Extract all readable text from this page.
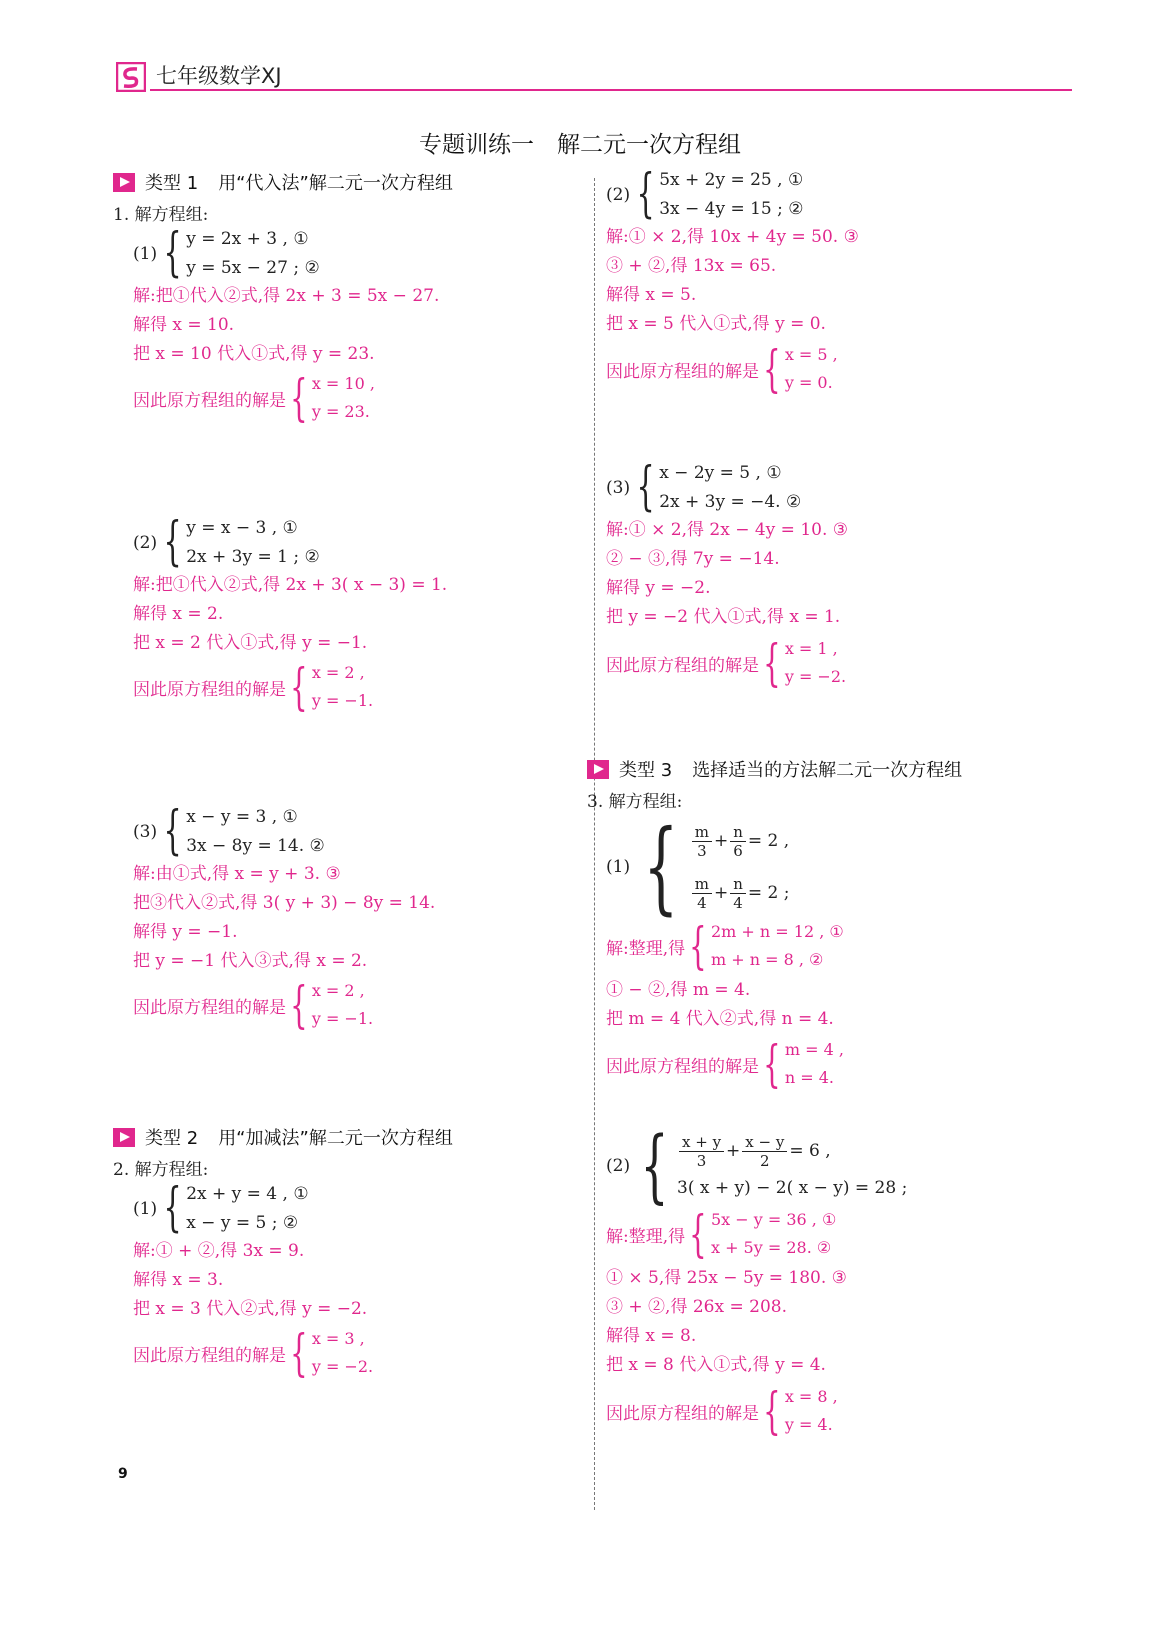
七年级数学XJ
专题训练一　解二元一次方程组
类型 1 用“代入法”解二元一次方程组
1. 解方程组:
(1) { y = 2x + 3 , ①
y = 5x − 27 ; ②
解:把①代入②式,得 2x + 3 = 5x − 27.
解得 x = 10.
把 x = 10 代入①式,得 y = 23.
因此原方程组的解是 { x = 10 ,
y = 23.
(2) { y = x − 3 , ①
2x + 3y = 1 ; ②
解:把①代入②式,得 2x + 3( x − 3) = 1.
解得 x = 2.
把 x = 2 代入①式,得 y = −1.
因此原方程组的解是 { x = 2 ,
y = −1.
(3) { x − y = 3 , ①
3x − 8y = 14. ②
解:由①式,得 x = y + 3. ③
把③代入②式,得 3( y + 3) − 8y = 14.
解得 y = −1.
把 y = −1 代入③式,得 x = 2.
因此原方程组的解是 { x = 2 ,
y = −1.
类型 2 用“加减法”解二元一次方程组
2. 解方程组:
(1) { 2x + y = 4 , ①
x − y = 5 ; ②
解:① + ②,得 3x = 9.
解得 x = 3.
把 x = 3 代入②式,得 y = −2.
因此原方程组的解是 { x = 3 ,
y = −2.
(2) { 5x + 2y = 25 , ①
3x − 4y = 15 ; ②
解:① × 2,得 10x + 4y = 50. ③
③ + ②,得 13x = 65.
解得 x = 5.
把 x = 5 代入①式,得 y = 0.
因此原方程组的解是 { x = 5 ,
y = 0.
(3) { x − 2y = 5 , ①
2x + 3y = −4. ②
解:① × 2,得 2x − 4y = 10. ③
② − ③,得 7y = −14.
解得 y = −2.
把 y = −2 代入①式,得 x = 1.
因此原方程组的解是 { x = 1 ,
y = −2.
类型 3 选择适当的方法解二元一次方程组
3. 解方程组:
(1) { $\frac{m}{3} + \frac{n}{6} = 2$ ,
$\frac{m}{4} + \frac{n}{4} = 2$ ;
解:整理,得 { 2m + n = 12 , ①
m + n = 8 , ②
① − ②,得 m = 4.
把 m = 4 代入②式,得 n = 4.
因此原方程组的解是 { m = 4 ,
n = 4.
(2) { $\frac{x + y}{3} + \frac{x - y}{2} = 6$ ,
3( x + y) − 2( x − y) = 28 ;
解:整理,得 { 5x − y = 36 , ①
x + 5y = 28. ②
① × 5,得 25x − 5y = 180. ③
③ + ②,得 26x = 208.
解得 x = 8.
把 x = 8 代入①式,得 y = 4.
因此原方程组的解是 { x = 8 ,
y = 4.
9
